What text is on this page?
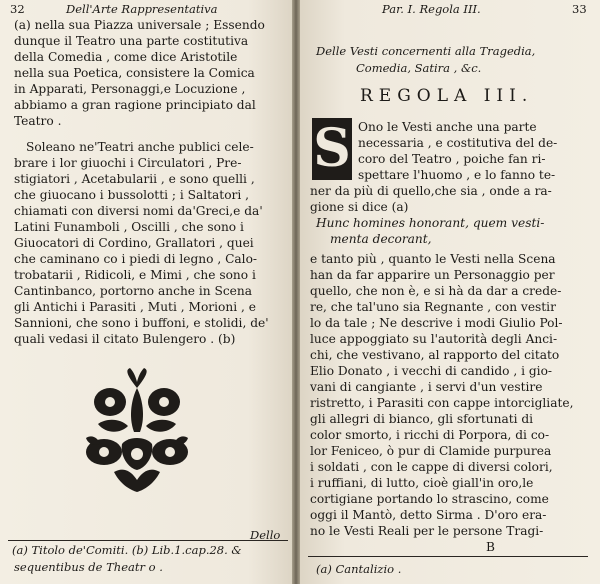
32	Dell'Arte Rappresentativa
(a) nella sua Piazza universale ; Essendo
dunque il Teatro una parte costitutiva
della Comedia , come dice Aristotile
nella sua Poetica, consistere la Comica
in Apparati, Personaggi,e Locuzione ,
abbiamo a gran ragione principiato dal
Teatro .
Soleano ne'Teatri anche publici cele-
brare i lor giuochi i Circulatori , Pre-
stigiatori , Acetabularii , e sono quelli ,
che giuocano i bussolotti ; i Saltatori ,
chiamati con diversi nomi da'Greci,e da'
Latini Funamboli , Oscilli , che sono i
Giuocatori di Cordino, Grallatori , quei
che caminano co i piedi di legno , Calo-
trobatarii , Ridicoli, e Mimi , che sono i
Cantinbanco, portorno anche in Scena
gli Antichi i Parasiti , Muti , Morioni , e
Sannioni, che sono i buffoni, e stolidi, de'
quali vedasi il citato Bulengero . (b)
Dello
(a) Titolo de'Comiti. (b) Lib.1.cap.28. &
sequentibus de Theatr o .
Par. I. Regola III.	33
Delle Vesti concernenti alla Tragedia,
Comedia, Satira , &c.
REGOLA III.
S Ono le Vesti anche una parte
necessaria , e costitutiva del de-
coro del Teatro , poiche fan ri-
spettare l'huomo , e lo fanno te-
ner da più di quello,che sia , onde a ra-
gione si dice (a)
Hunc homines honorant, quem vesti-
menta decorant,
e tanto più , quanto le Vesti nella Scena
han da far apparire un Personaggio per
quello, che non è, e si hà da dar a crede-
re, che tal'uno sia Regnante , con vestir
lo da tale ; Ne descrive i modi Giulio Pol-
luce appoggiato su l'autorità degli Anci-
chi, che vestivano, al rapporto del citato
Elio Donato , i vecchi di candido , i gio-
vani di cangiante , i servi d'un vestire
ristretto, i Parasiti con cappe intorcigliate,
gli allegri di bianco, gli sfortunati di
color smorto, i ricchi di Porpora, di co-
lor Feniceo, ò pur di Clamide purpurea
i soldati , con le cappe di diversi colori,
i ruffiani, di lutto, cioè giall'in oro,le
cortigiane portando lo strascino, come
oggi il Mantò, detto Sirma . D'oro era-
no le Vesti Reali per le persone Tragi-
B
(a) Cantalizio .
